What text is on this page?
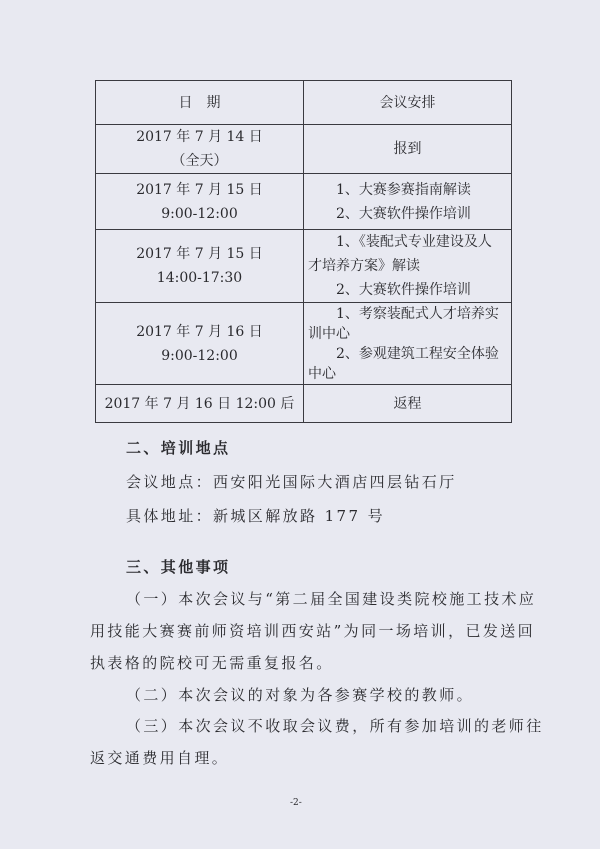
日　期	会议安排

2017 年 7 月 14 日
（全天）	报到

2017 年 7 月 15 日
9:00-12:00	1、大赛参赛指南解读
2、大赛软件操作培训

2017 年 7 月 15 日
14:00-17:30	1、《装配式专业建设及人
才培养方案》解读
2、大赛软件操作培训

2017 年 7 月 16 日
9:00-12:00	1、考察装配式人才培养实
训中心
2、参观建筑工程安全体验
中心

2017 年 7 月 16 日 12:00 后	返程
二、培训地点
会议地点：西安阳光国际大酒店四层钻石厅
具体地址：新城区解放路 177 号
三、其他事项
（一）本次会议与“第二届全国建设类院校施工技术应
用技能大赛赛前师资培训西安站”为同一场培训，已发送回
执表格的院校可无需重复报名。
（二）本次会议的对象为各参赛学校的教师。
（三）本次会议不收取会议费，所有参加培训的老师往
返交通费用自理。
-2-
